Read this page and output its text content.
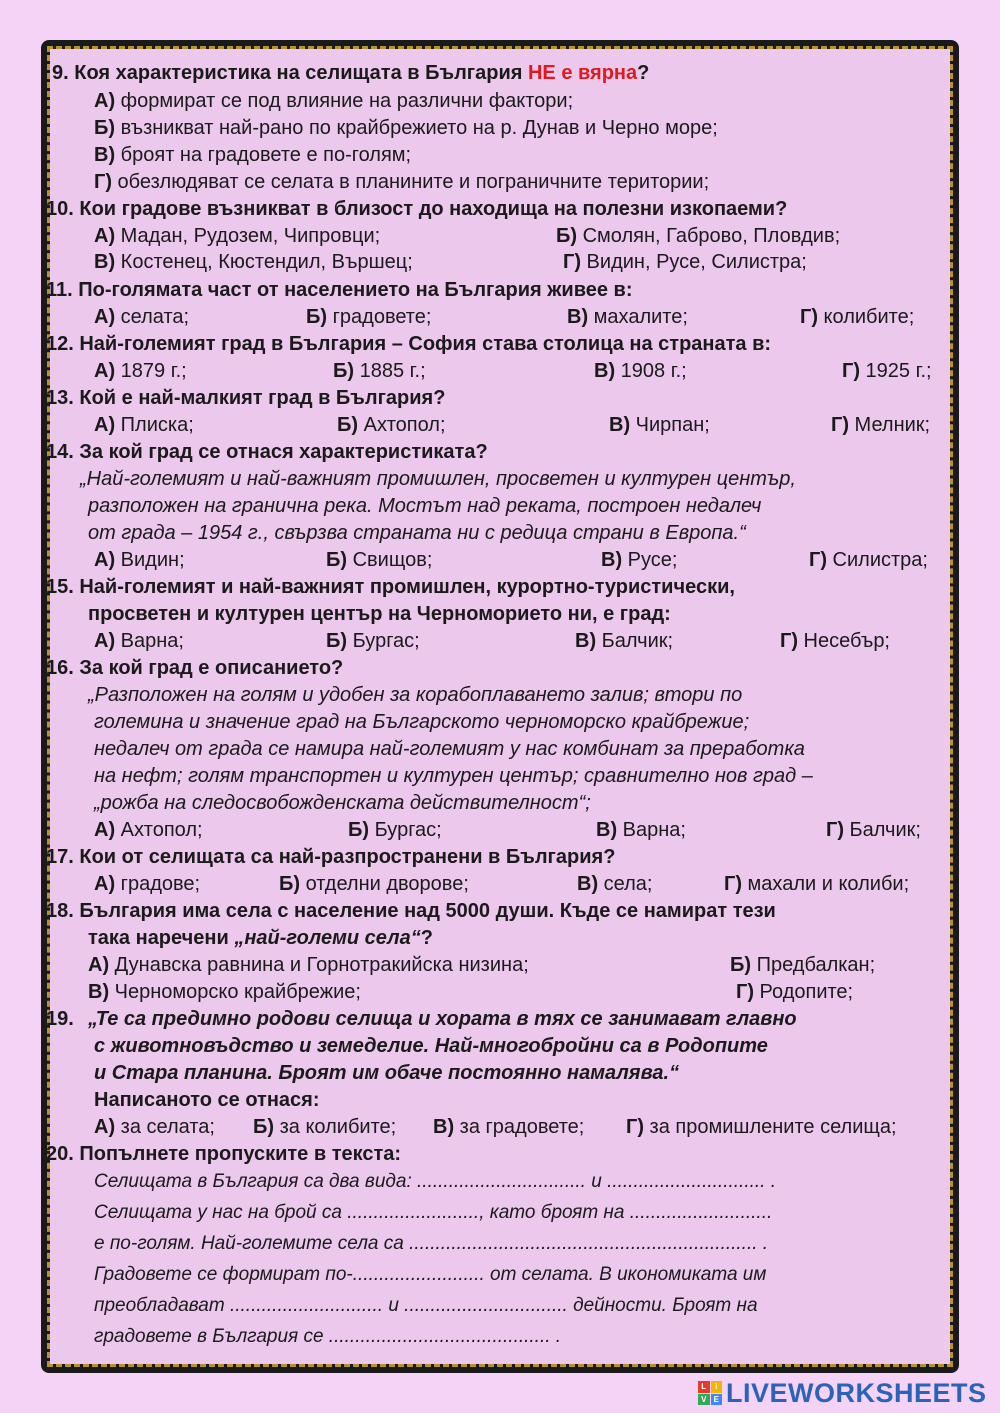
9. Коя характеристика на селищата в България НЕ е вярна?
А) формират се под влияние на различни фактори;
Б) възникват най-рано по крайбрежието на р. Дунав и Черно море;
В) броят на градовете е по-голям;
Г) обезлюдяват се селата в планините и пограничните територии;
10. Кои градове възникват в близост до находища на полезни изкопаеми?
А) Мадан, Рудозем, Чипровци;	Б) Смолян, Габрово, Пловдив;
В) Костенец, Кюстендил, Вършец;	Г) Видин, Русе, Силистра;
11. По-голямата част от населението на България живее в:
А) селата;	Б) градовете;	В) махалите;	Г) колибите;
12. Най-големият град в България – София става столица на страната в:
А) 1879 г.;	Б) 1885 г.;	В) 1908 г.;	Г) 1925 г.;
13. Кой е най-малкият град в България?
А) Плиска;	Б) Ахтопол;	В) Чирпан;	Г) Мелник;
14. За кой град се отнася характеристиката?
„Най-големият и най-важният промишлен, просветен и културен център,
разположен на гранична река. Мостът над реката, построен недалеч
от града – 1954 г., свързва страната ни с редица страни в Европа.“
А) Видин;	Б) Свищов;	В) Русе;	Г) Силистра;
15. Най-големият и най-важният промишлен, курортно-туристически,
просветен и културен център на Черноморието ни, е град:
А) Варна;	Б) Бургас;	В) Балчик;	Г) Несебър;
16. За кой град е описанието?
„Разположен на голям и удобен за корабоплаването залив; втори по
големина и значение град на Българското черноморско крайбрежие;
недалеч от града се намира най-големият у нас комбинат за преработка
на нефт; голям транспортен и културен център; сравнително нов град –
„рожба на следосвобожденската действителност“;
А) Ахтопол;	Б) Бургас;	В) Варна;	Г) Балчик;
17. Кои от селищата са най-разпространени в България?
А) градове;	Б) отделни дворове;	В) села;	Г) махали и колиби;
18. България има села с население над 5000 души. Къде се намират тези
така наречени „най-големи села“?
А) Дунавска равнина и Горнотракийска низина;	Б) Предбалкан;
В) Черноморско крайбрежие;	Г) Родопите;
19. „Те са предимно родови селища и хората в тях се занимават главно
с животновъдство и земеделие. Най-многобройни са в Родопите
и Стара планина. Броят им обаче постоянно намалява.“
Написаното се отнася:
А) за селата; Б) за колибите; В) за градовете; Г) за промишлените селища;
20. Попълнете пропуските в текста:
Селищата в България са два вида: ................................ и .............................. .
Селищата у нас на брой са ........................., като броят на ...........................
е по-голям. Най-големите села са .................................................................. .
Градовете се формират по-......................... от селата. В икономиката им
преобладават ............................. и ............................... дейности. Броят на
градовете в България се .......................................... .
L	i
V E LIVEWORKSHEETS
